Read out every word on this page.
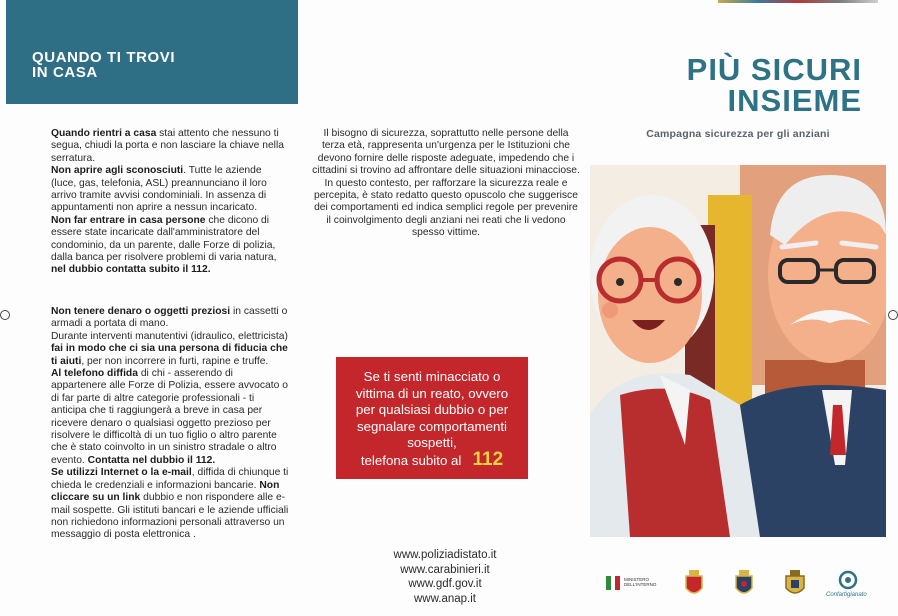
QUANDO TI TROVI
IN CASA

Quando rientri a casa stai attento che nessuno ti segua, chiudi la porta e non lasciare la chiave nella serratura.

Non aprire agli sconosciuti. Tutte le aziende (luce, gas, telefonia, ASL) preannunciano il loro arrivo tramite avvisi condominiali. In assenza di appuntamenti non aprire a nessun incaricato.

Non far entrare in casa persone che dicono di essere state incaricate dall'amministratore del condominio, da un parente, dalle Forze di polizia, dalla banca per risolvere problemi di varia natura, nel dubbio contatta subito il 112.

Non tenere denaro o oggetti preziosi in cassetti o armadi a portata di mano.

Durante interventi manutentivi (idraulico, elettricista) fai in modo che ci sia una persona di fiducia che ti aiuti, per non incorrere in furti, rapine e truffe.

Al telefono diffida di chi - asserendo di appartenere alle Forze di Polizia, essere avvocato o di far parte di altre categorie professionali - ti anticipa che ti raggiungerà a breve in casa per ricevere denaro o qualsiasi oggetto prezioso per risolvere le difficoltà di un tuo figlio o altro parente che è stato coinvolto in un sinistro stradale o altro evento. Contatta nel dubbio il 112.

Se utilizzi Internet o la e-mail, diffida di chiunque ti chieda le credenziali e informazioni bancarie. Non cliccare su un link dubbio e non rispondere alle e-mail sospette. Gli istituti bancari e le aziende ufficiali non richiedono informazioni personali attraverso un messaggio di posta elettronica .

Il bisogno di sicurezza, soprattutto nelle persone della terza età, rappresenta un'urgenza per le Istituzioni che devono fornire delle risposte adeguate, impedendo che i cittadini si trovino ad affrontare delle situazioni minacciose. In questo contesto, per rafforzare la sicurezza reale e percepita, è stato redatto questo opuscolo che suggerisce dei comportamenti ed indica semplici regole per prevenire il coinvolgimento degli anziani nei reati che li vedono spesso vittime.
Se ti senti minacciato o vittima di un reato, ovvero per qualsiasi dubbio o per segnalare comportamenti sospetti,
telefona subito al 112
www.poliziadistato.it
www.carabinieri.it
www.gdf.gov.it
www.anap.it
PIÙ SICURI
INSIEME
Campagna sicurezza per gli anziani
MINISTERO DELL'INTERNO
Confartigianato
